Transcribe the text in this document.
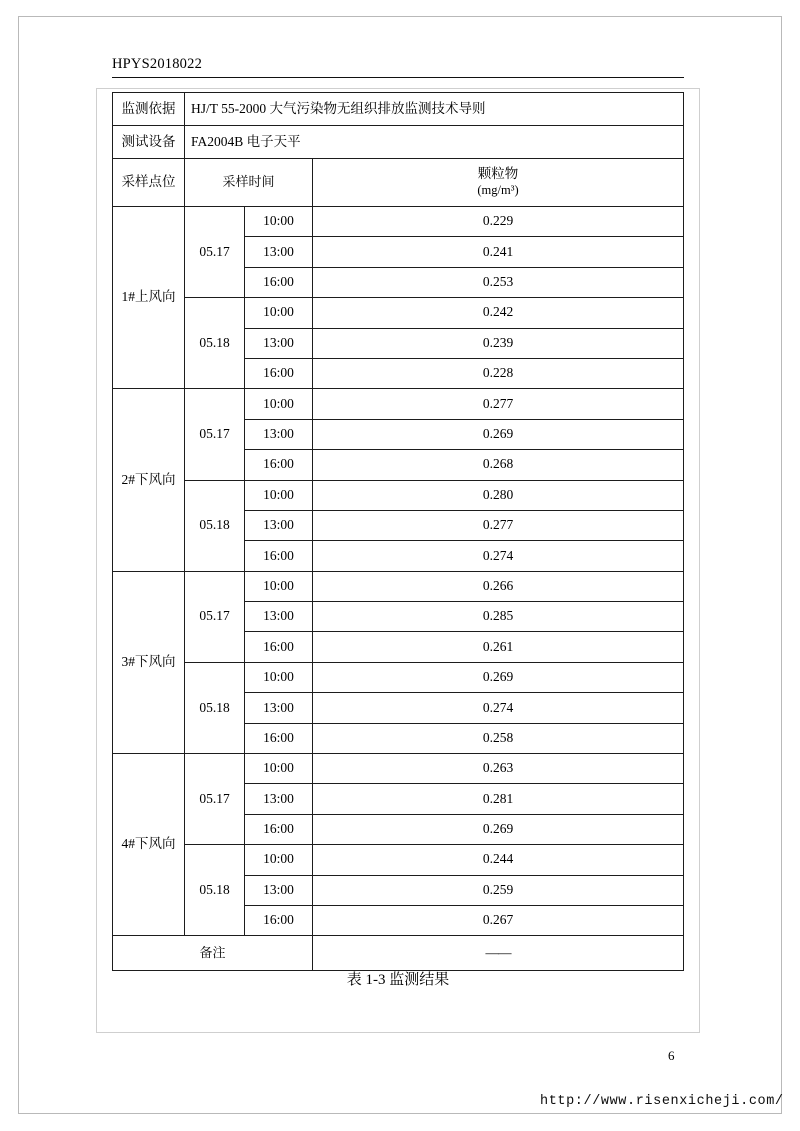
HPYS2018022
监测依据	HJ/T 55-2000 大气污染物无组织排放监测技术导则		
测试设备	FA2004B 电子天平		
采样点位	采样时间		颗粒物
(mg/m³)

1#上风向	05.17	10:00	0.229
		13:00	0.241
		16:00	0.253
	05.18	10:00	0.242
		13:00	0.239
		16:00	0.228
2#下风向	05.17	10:00	0.277
		13:00	0.269
		16:00	0.268
	05.18	10:00	0.280
		13:00	0.277
		16:00	0.274
3#下风向	05.17	10:00	0.266
		13:00	0.285
		16:00	0.261
	05.18	10:00	0.269
		13:00	0.274
		16:00	0.258
4#下风向	05.17	10:00	0.263
		13:00	0.281
		16:00	0.269
	05.18	10:00	0.244
		13:00	0.259
		16:00	0.267
备注			——
表 1-3 监测结果
6
http://www.risenxicheji.com/
